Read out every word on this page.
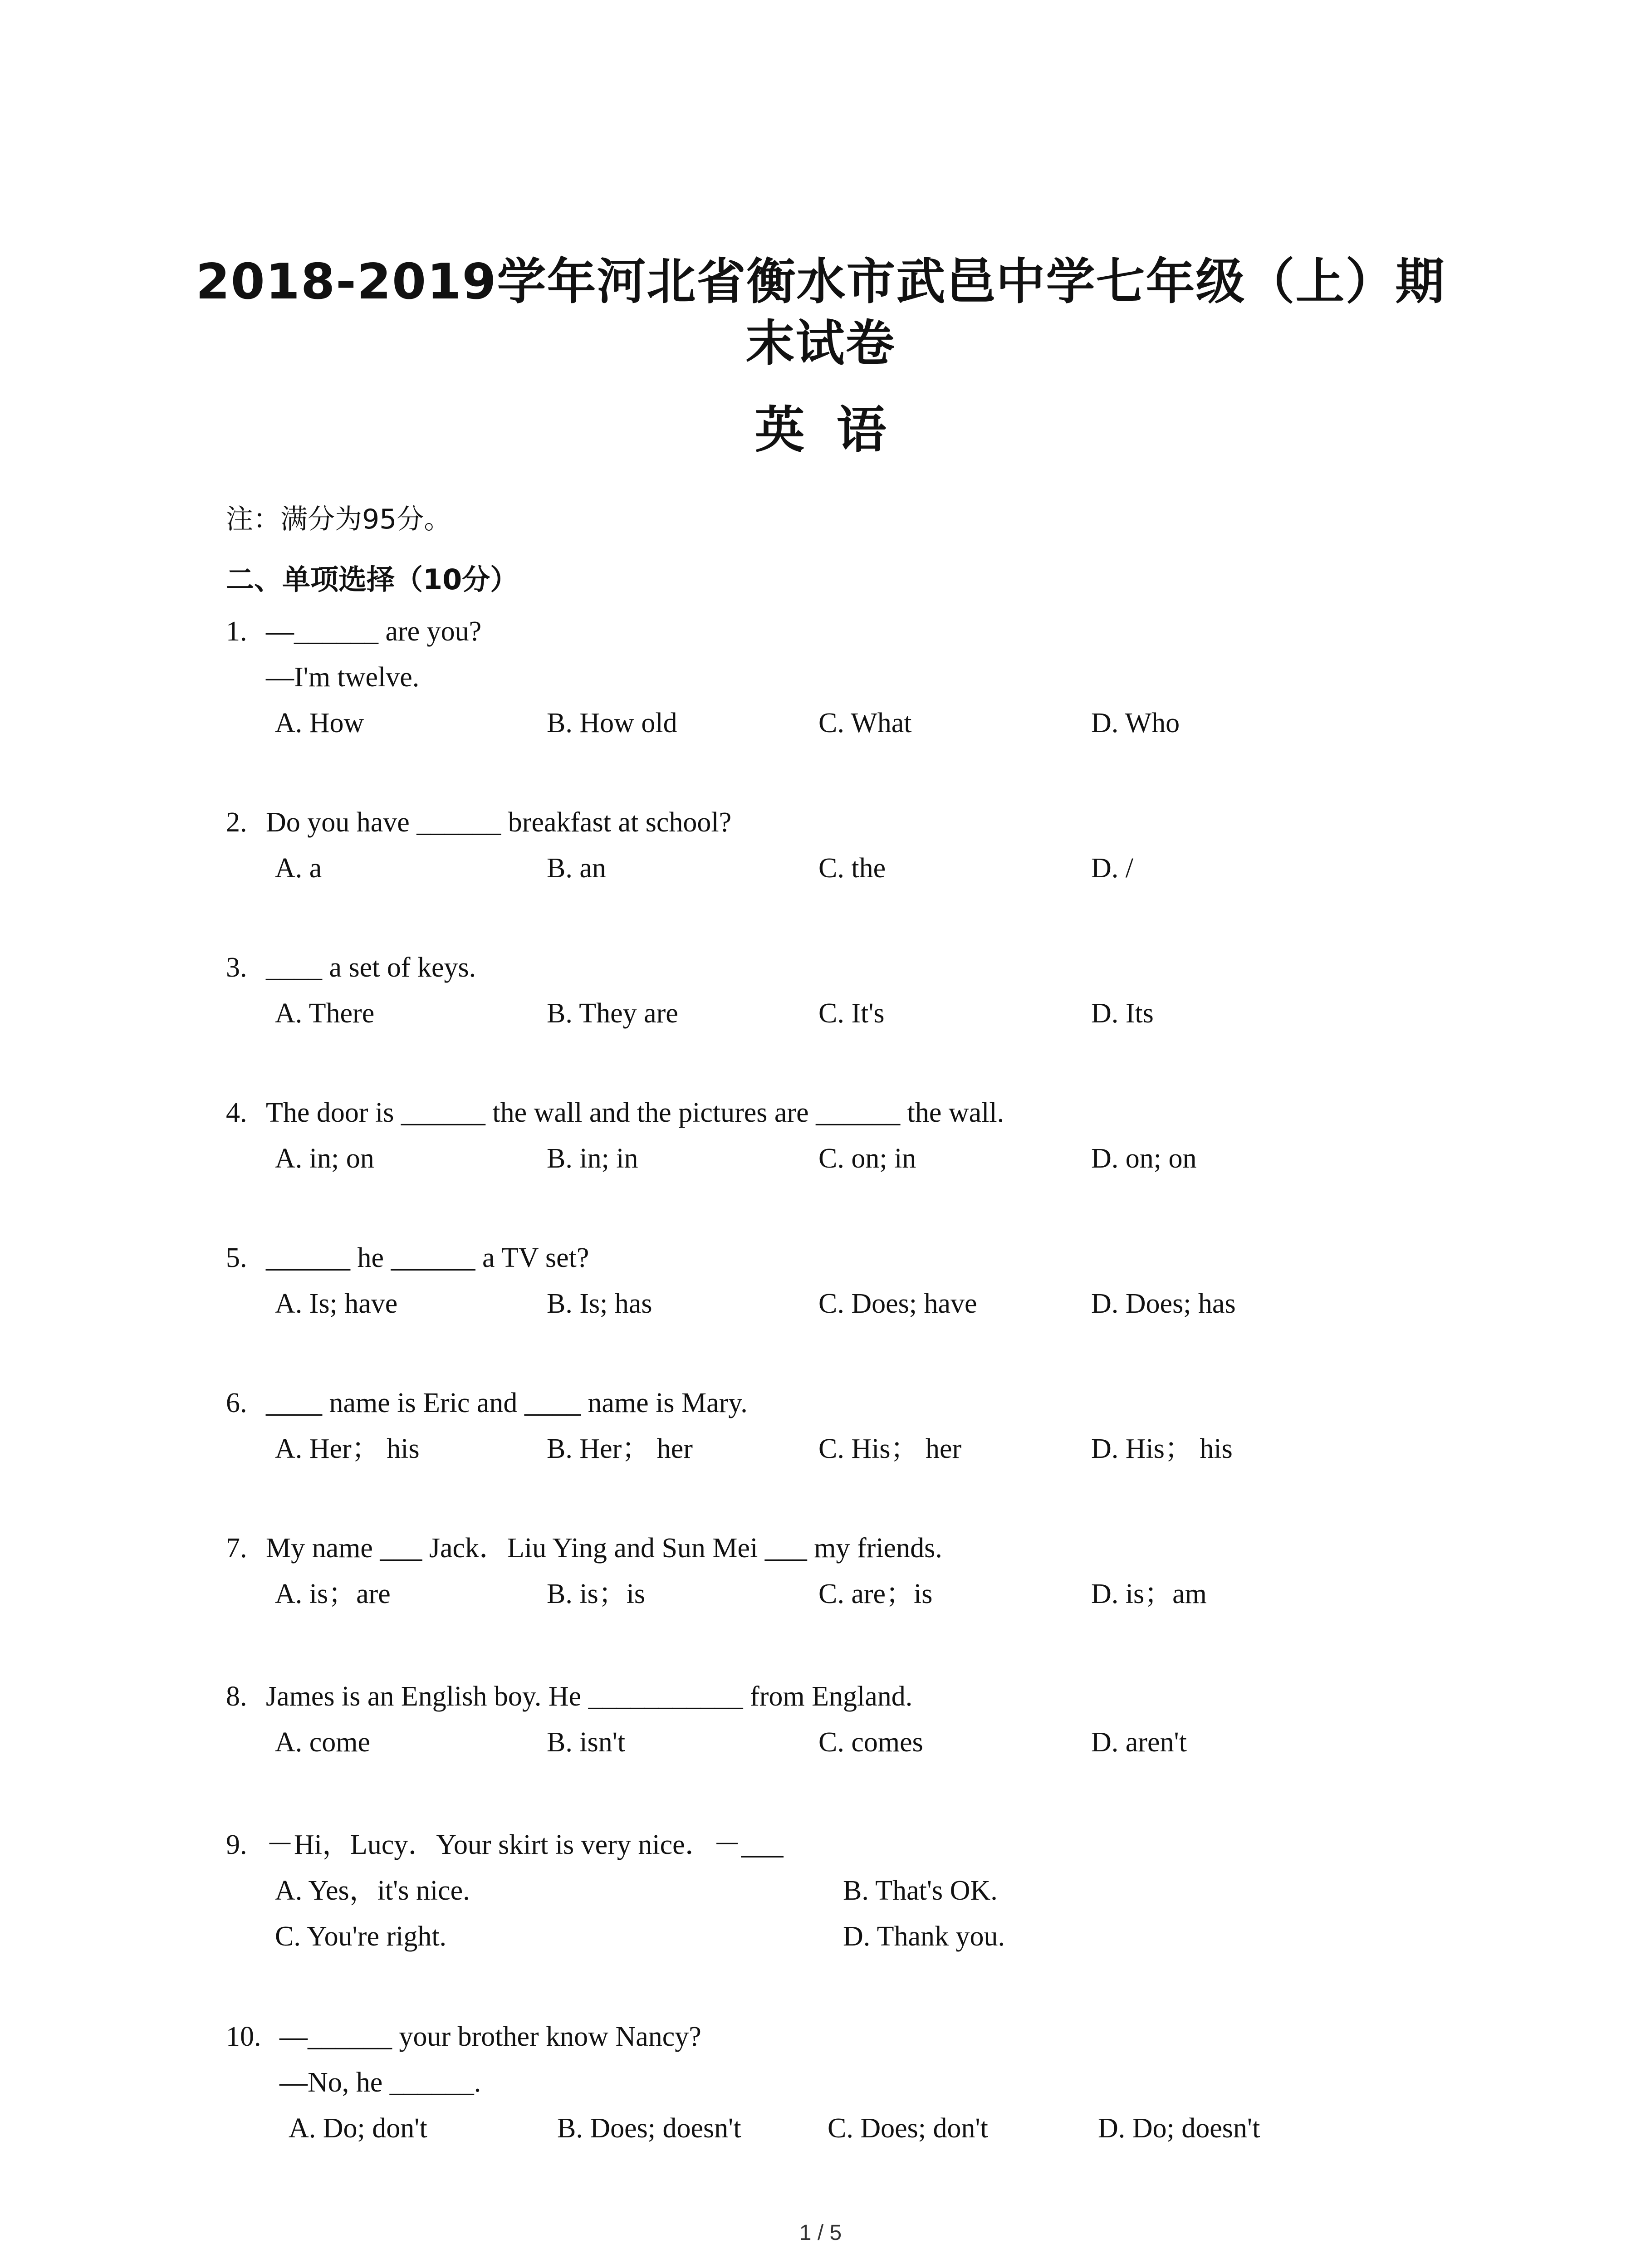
2018-2019学年河北省衡水市武邑中学七年级（上）期
末试卷
英语
注：满分为95分。
二、单项选择（10分）
1. —______ are you?
—I'm twelve.
A. How	B. How old	C. What	D. Who
2. Do you have ______ breakfast at school?
A. a	B. an	C. the	D. /
3. ____ a set of keys.
A. There	B. They are	C. It's	D. Its
4. The door is ______ the wall and the pictures are ______ the wall.
A. in; on	B. in; in	C. on; in	D. on; on
5. ______ he ______ a TV set?
A. Is; have	B. Is; has	C. Does; have	D. Does; has
6. ____ name is Eric and ____ name is Mary.
A. Her； his	B. Her； her	C. His； her	D. His； his
7. My name ___ Jack．Liu Ying and Sun Mei ___ my friends.
A. is；are	B. is；is	C. are；is	D. is；am
8. James is an English boy. He ___________ from England.
A. come	B. isn't	C. comes	D. aren't
9. －Hi，Lucy．Your skirt is very nice．－___
A. Yes，it's nice.	B. That's OK.
C. You're right.	D. Thank you.
10. —______ your brother know Nancy?
—No, he ______.
A. Do; don't	B. Does; doesn't	C. Does; don't	D. Do; doesn't
1 / 5
